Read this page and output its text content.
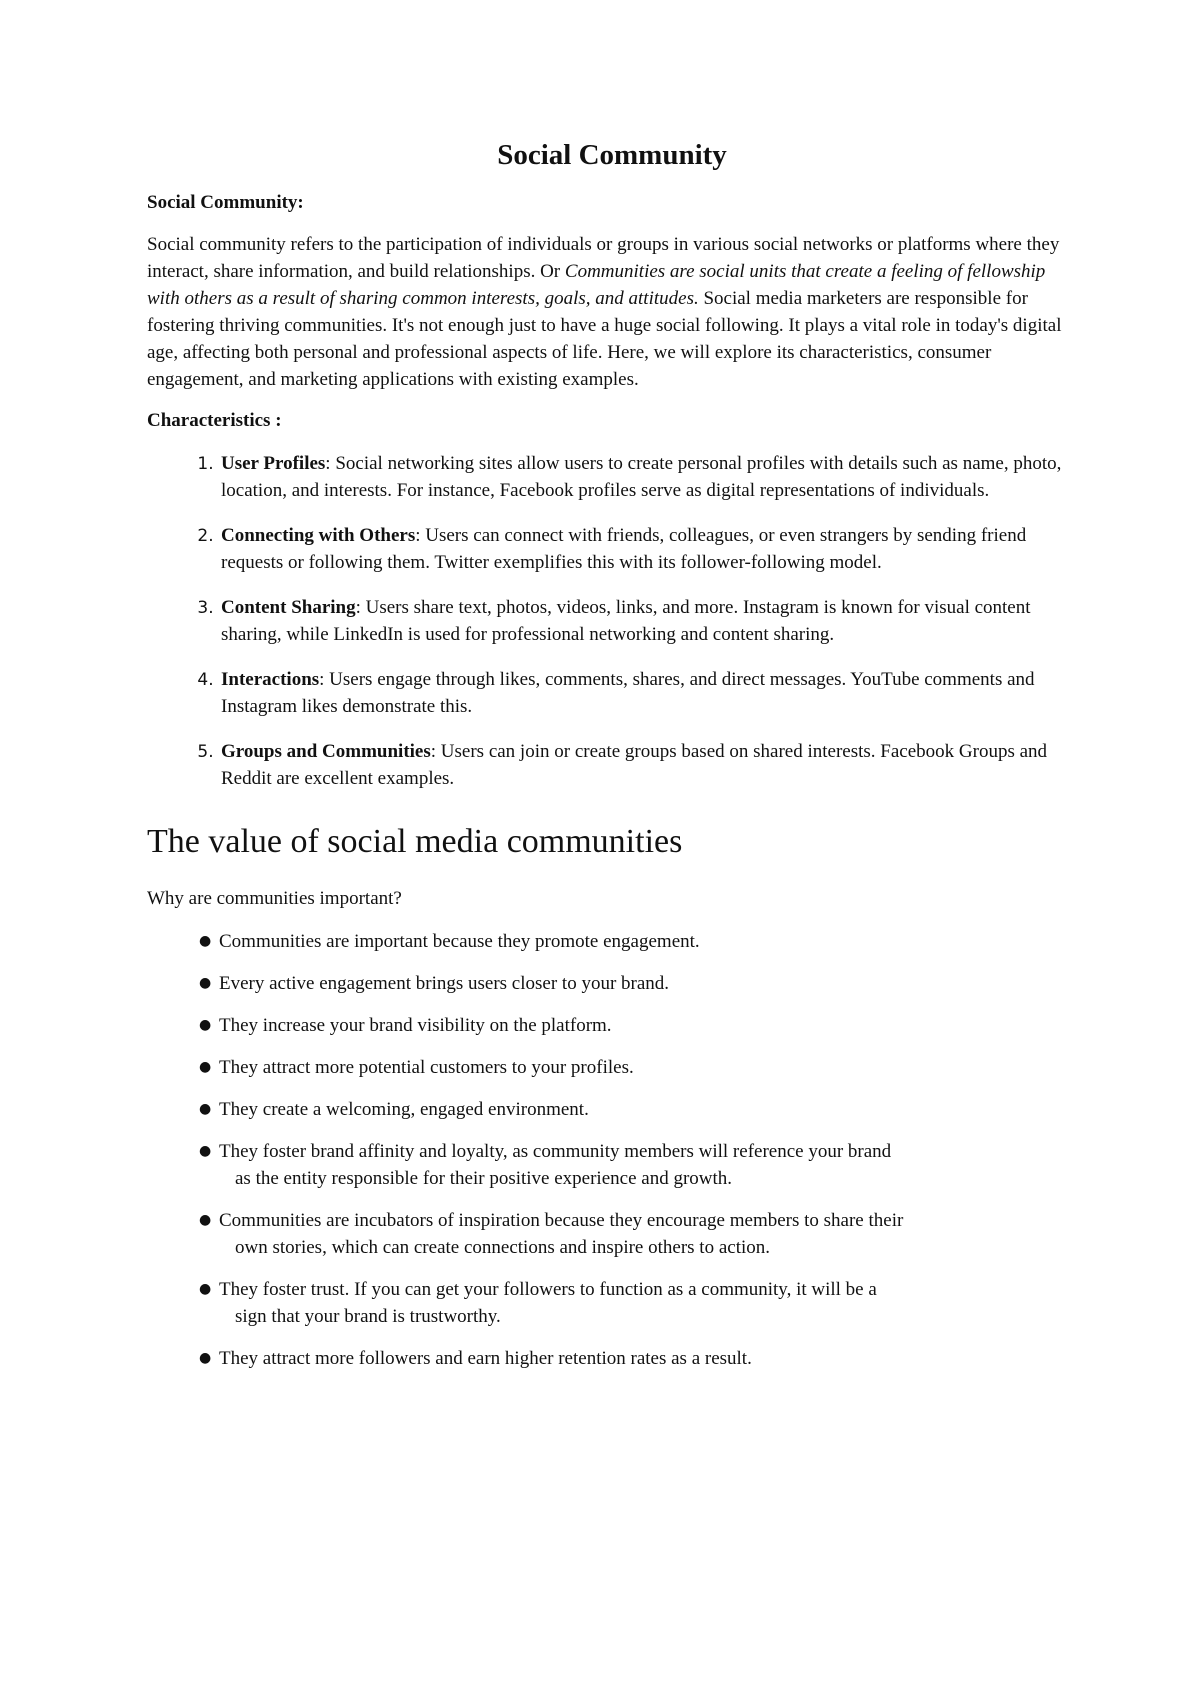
Social Community
Social Community:

Social community refers to the participation of individuals or groups in various social networks or platforms where they interact, share information, and build relationships. Or Communities are social units that create a feeling of fellowship with others as a result of sharing common interests, goals, and attitudes. Social media marketers are responsible for fostering thriving communities. It's not enough just to have a huge social following. It plays a vital role in today's digital age, affecting both personal and professional aspects of life. Here, we will explore its characteristics, consumer engagement, and marketing applications with existing examples.

Characteristics :
1. User Profiles: Social networking sites allow users to create personal profiles with details such as name, photo, location, and interests. For instance, Facebook profiles serve as digital representations of individuals.
2. Connecting with Others: Users can connect with friends, colleagues, or even strangers by sending friend requests or following them. Twitter exemplifies this with its follower-following model.
3. Content Sharing: Users share text, photos, videos, links, and more. Instagram is known for visual content sharing, while LinkedIn is used for professional networking and content sharing.
4. Interactions: Users engage through likes, comments, shares, and direct messages. YouTube comments and Instagram likes demonstrate this.
5. Groups and Communities: Users can join or create groups based on shared interests. Facebook Groups and Reddit are excellent examples.
The value of social media communities

Why are communities important?

● Communities are important because they promote engagement.
● Every active engagement brings users closer to your brand.
● They increase your brand visibility on the platform.
● They attract more potential customers to your profiles.
● They create a welcoming, engaged environment.
● They foster brand affinity and loyalty, as community members will reference your brand
as the entity responsible for their positive experience and growth.
● Communities are incubators of inspiration because they encourage members to share their
own stories, which can create connections and inspire others to action.
● They foster trust. If you can get your followers to function as a community, it will be a
sign that your brand is trustworthy.
● They attract more followers and earn higher retention rates as a result.
